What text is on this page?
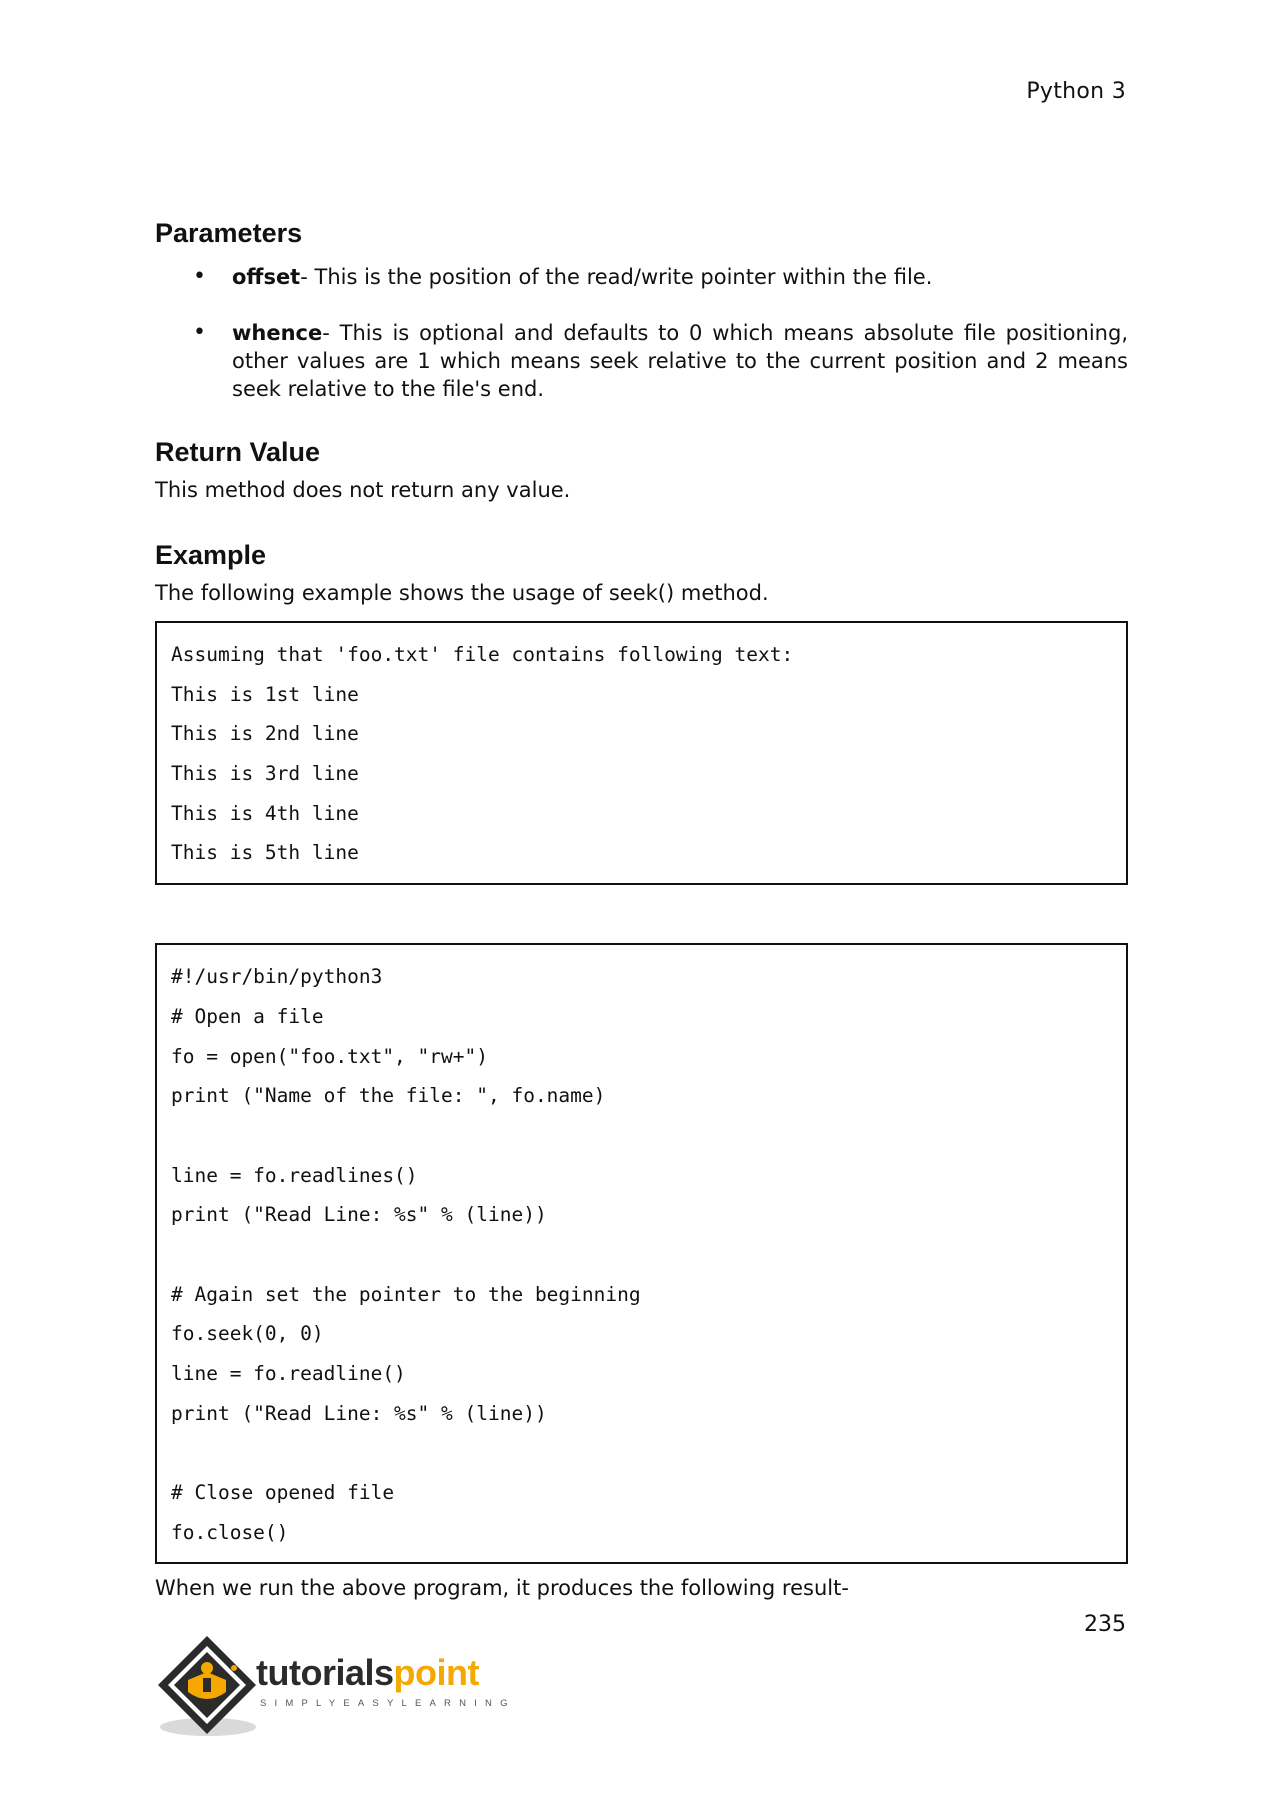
Python 3
Parameters
• offset- This is the position of the read/write pointer within the file.
• whence- This is optional and defaults to 0 which means absolute file positioning, other values are 1 which means seek relative to the current position and 2 means seek relative to the file's end.
Return Value

This method does not return any value.

Example

The following example shows the usage of seek() method.

Assuming that 'foo.txt' file contains following text:
This is 1st line
This is 2nd line
This is 3rd line
This is 4th line
This is 5th line
#!/usr/bin/python3
# Open a file
fo = open("foo.txt", "rw+")
print ("Name of the file: ", fo.name)
line = fo.readlines()
print ("Read Line: %s" % (line))
# Again set the pointer to the beginning
fo.seek(0, 0)
line = fo.readline()
print ("Read Line: %s" % (line))
# Close opened file
fo.close()

When we run the above program, it produces the following result-

235
tutorialspoint
SIMPLYEASYLEARNING
